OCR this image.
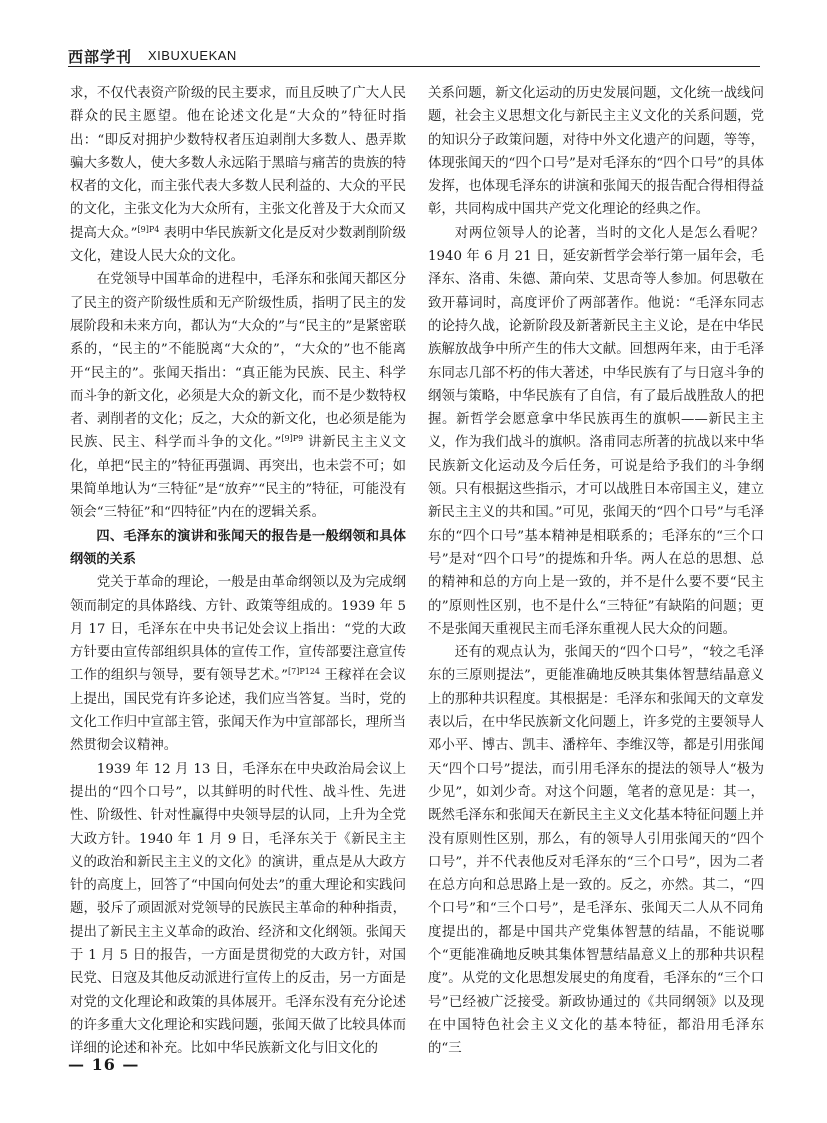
西部学刊 XIBUXUEKAN

求，不仅代表资产阶级的民主要求，而且反映了广大人民群众的民主愿望。他在论述文化是“大众的”特征时指出：“即反对拥护少数特权者压迫剥削大多数人、愚弄欺骗大多数人，使大多数人永远陷于黑暗与痛苦的贵族的特权者的文化，而主张代表大多数人民利益的、大众的平民的文化，主张文化为大众所有，主张文化普及于大众而又提高大众。”$^{[9]P4}$ 表明中华民族新文化是反对少数剥削阶级文化，建设人民大众的文化。

在党领导中国革命的进程中，毛泽东和张闻天都区分了民主的资产阶级性质和无产阶级性质，指明了民主的发展阶段和未来方向，都认为“大众的”与“民主的”是紧密联系的，“民主的”不能脱离“大众的”，“大众的”也不能离开“民主的”。张闻天指出：“真正能为民族、民主、科学而斗争的新文化，必须是大众的新文化，而不是少数特权者、剥削者的文化；反之，大众的新文化，也必须是能为民族、民主、科学而斗争的文化。”$^{[9]P9}$ 讲新民主主义文化，单把“民主的”特征再强调、再突出，也未尝不可；如果简单地认为“三特征”是“放弃”“民主的”特征，可能没有领会“三特征”和“四特征”内在的逻辑关系。

四、毛泽东的演讲和张闻天的报告是一般纲领和具体纲领的关系

党关于革命的理论，一般是由革命纲领以及为完成纲领而制定的具体路线、方针、政策等组成的。1939 年 5 月 17 日，毛泽东在中央书记处会议上指出：“党的大政方针要由宣传部组织具体的宣传工作，宣传部要注意宣传工作的组织与领导，要有领导艺术。”$^{[7]P124}$ 王稼祥在会议上提出，国民党有许多论述，我们应当答复。当时，党的文化工作归中宣部主管，张闻天作为中宣部部长，理所当然贯彻会议精神。

1939 年 12 月 13 日，毛泽东在中央政治局会议上提出的“四个口号”，以其鲜明的时代性、战斗性、先进性、阶级性、针对性赢得中央领导层的认同，上升为全党大政方针。1940 年 1 月 9 日，毛泽东关于《新民主主义的政治和新民主主义的文化》的演讲，重点是从大政方针的高度上，回答了“中国向何处去”的重大理论和实践问题，驳斥了顽固派对党领导的民族民主革命的种种指责，提出了新民主主义革命的政治、经济和文化纲领。张闻天于 1 月 5 日的报告，一方面是贯彻党的大政方针，对国民党、日寇及其他反动派进行宣传上的反击，另一方面是对党的文化理论和政策的具体展开。毛泽东没有充分论述的许多重大文化理论和实践问题，张闻天做了比较具体而详细的论述和补充。比如中华民族新文化与旧文化的

关系问题，新文化运动的历史发展问题，文化统一战线问题，社会主义思想文化与新民主主义文化的关系问题，党的知识分子政策问题，对待中外文化遗产的问题，等等，体现张闻天的“四个口号”是对毛泽东的“四个口号”的具体发挥，也体现毛泽东的讲演和张闻天的报告配合得相得益彰，共同构成中国共产党文化理论的经典之作。

对两位领导人的论著，当时的文化人是怎么看呢？1940 年 6 月 21 日，延安新哲学会举行第一届年会，毛泽东、洛甫、朱德、萧向荣、艾思奇等人参加。何思敬在致开幕词时，高度评价了两部著作。他说：“毛泽东同志的论持久战，论新阶段及新著新民主主义论，是在中华民族解放战争中所产生的伟大文献。回想两年来，由于毛泽东同志几部不朽的伟大著述，中华民族有了与日寇斗争的纲领与策略，中华民族有了自信，有了最后战胜敌人的把握。新哲学会愿意拿中华民族再生的旗帜——新民主主义，作为我们战斗的旗帜。洛甫同志所著的抗战以来中华民族新文化运动及今后任务，可说是给予我们的斗争纲领。只有根据这些指示，才可以战胜日本帝国主义，建立新民主主义的共和国。”可见，张闻天的“四个口号”与毛泽东的“四个口号”基本精神是相联系的；毛泽东的“三个口号”是对“四个口号”的提炼和升华。两人在总的思想、总的精神和总的方向上是一致的，并不是什么要不要“民主的”原则性区别，也不是什么“三特征”有缺陷的问题；更不是张闻天重视民主而毛泽东重视人民大众的问题。

还有的观点认为，张闻天的“四个口号”，“较之毛泽东的三原则提法”，更能准确地反映其集体智慧结晶意义上的那种共识程度。其根据是：毛泽东和张闻天的文章发表以后，在中华民族新文化问题上，许多党的主要领导人邓小平、博古、凯丰、潘梓年、李维汉等，都是引用张闻天“四个口号”提法，而引用毛泽东的提法的领导人“极为少见”，如刘少奇。对这个问题，笔者的意见是：其一，既然毛泽东和张闻天在新民主主义文化基本特征问题上并没有原则性区别，那么，有的领导人引用张闻天的“四个口号”，并不代表他反对毛泽东的“三个口号”，因为二者在总方向和总思路上是一致的。反之，亦然。其二，“四个口号”和“三个口号”，是毛泽东、张闻天二人从不同角度提出的，都是中国共产党集体智慧的结晶，不能说哪个“更能准确地反映其集体智慧结晶意义上的那种共识程度”。从党的文化思想发展史的角度看，毛泽东的“三个口号”已经被广泛接受。新政协通过的《共同纲领》以及现在中国特色社会主义文化的基本特征，都沿用毛泽东的“三

— 16 —
